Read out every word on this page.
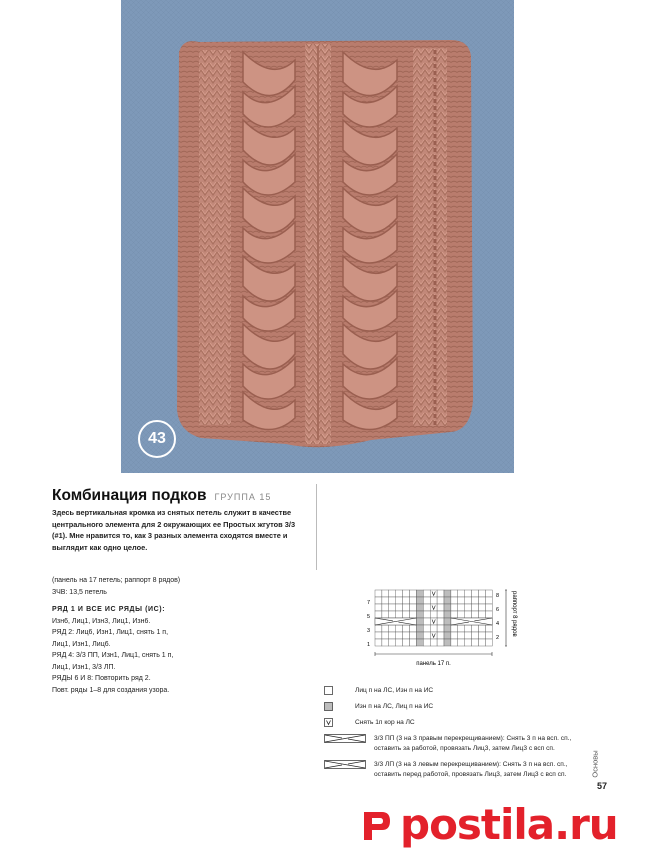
43
Комбинация подков ГРУППА 15

Здесь вертикальная кромка из снятых петель служит в качестве центрального элемента для 2 окружающих ее Простых жгутов 3/3 (#1). Мне нравится то, как 3 разных элемента сходятся вместе и выглядит как одно целое.

(панель на 17 петель; раппорт 8 рядов)

ЗЧВ: 13,5 петель

РЯД 1 И ВСЕ ИС РЯДЫ (ИС):

Изн6, Лиц1, Изн3, Лиц1, Изн6.

РЯД 2: Лиц6, Изн1, Лиц1, снять 1 п,

Лиц1, Изн1, Лиц6.

РЯД 4: 3/3 ПП, Изн1, Лиц1, снять 1 п,

Лиц1, Изн1, 3/3 ЛП.

РЯДЫ 6 И 8: Повторить ряд 2.

Повт. ряды 1–8 для создания узора.

7
5
3
1
8
6
4
2
раппорт 8 рядов
панель 17 п.
Лиц п на ЛС, Изн п на ИС
Изн п на ЛС, Лиц п на ИС
Снять 1п кор на ЛС
3/3 ПП (3 на 3 правым перекрещиванием): Снять 3 п на всп. сп., оставить за работой, провязать Лиц3, затем Лиц3 с всп сп.
3/3 ЛП (3 на 3 левым перекрещиванием): Снять 3 п на всп. сп., оставить перед работой, провязать Лиц3, затем Лиц3 с всп сп.	Основы
57
postila.ru
